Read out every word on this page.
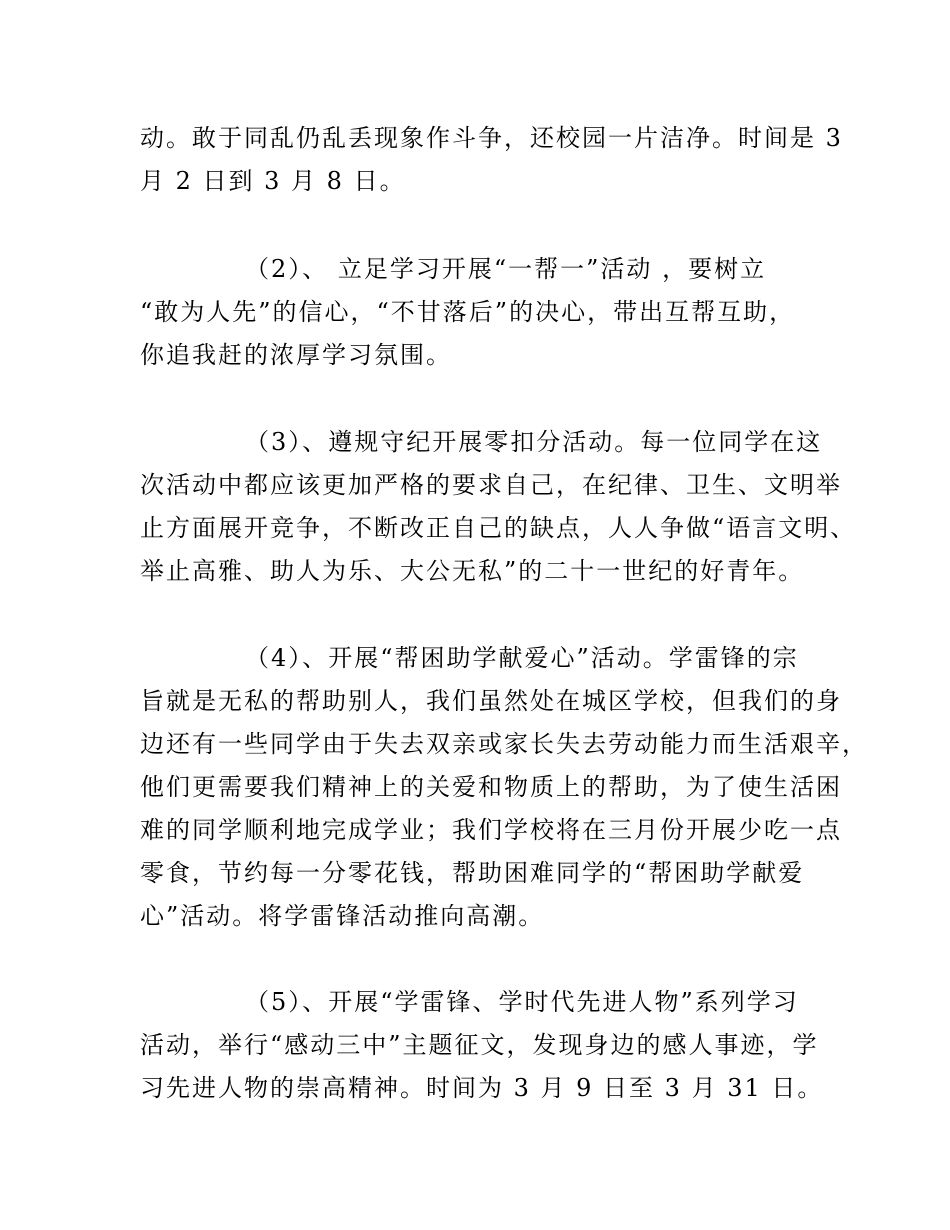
动。敢于同乱仍乱丢现象作斗争，还校园一片洁净。时间是 3
月 2 日到 3 月 8 日。

（2）、 立足学习开展“一帮一”活动 ，要树立
“敢为人先”的信心，“不甘落后”的决心，带出互帮互助，
你追我赶的浓厚学习氛围。

（3）、遵规守纪开展零扣分活动。每一位同学在这
次活动中都应该更加严格的要求自己，在纪律、卫生、文明举
止方面展开竞争，不断改正自己的缺点，人人争做“语言文明、
举止高雅、助人为乐、大公无私”的二十一世纪的好青年。

（4）、开展“帮困助学献爱心”活动。学雷锋的宗
旨就是无私的帮助别人，我们虽然处在城区学校，但我们的身
边还有一些同学由于失去双亲或家长失去劳动能力而生活艰辛，
他们更需要我们精神上的关爱和物质上的帮助，为了使生活困
难的同学顺利地完成学业；我们学校将在三月份开展少吃一点
零食，节约每一分零花钱，帮助困难同学的“帮困助学献爱
心”活动。将学雷锋活动推向高潮。

（5）、开展“学雷锋、学时代先进人物”系列学习
活动，举行“感动三中”主题征文，发现身边的感人事迹，学
习先进人物的崇高精神。时间为 3 月 9 日至 3 月 31 日。
